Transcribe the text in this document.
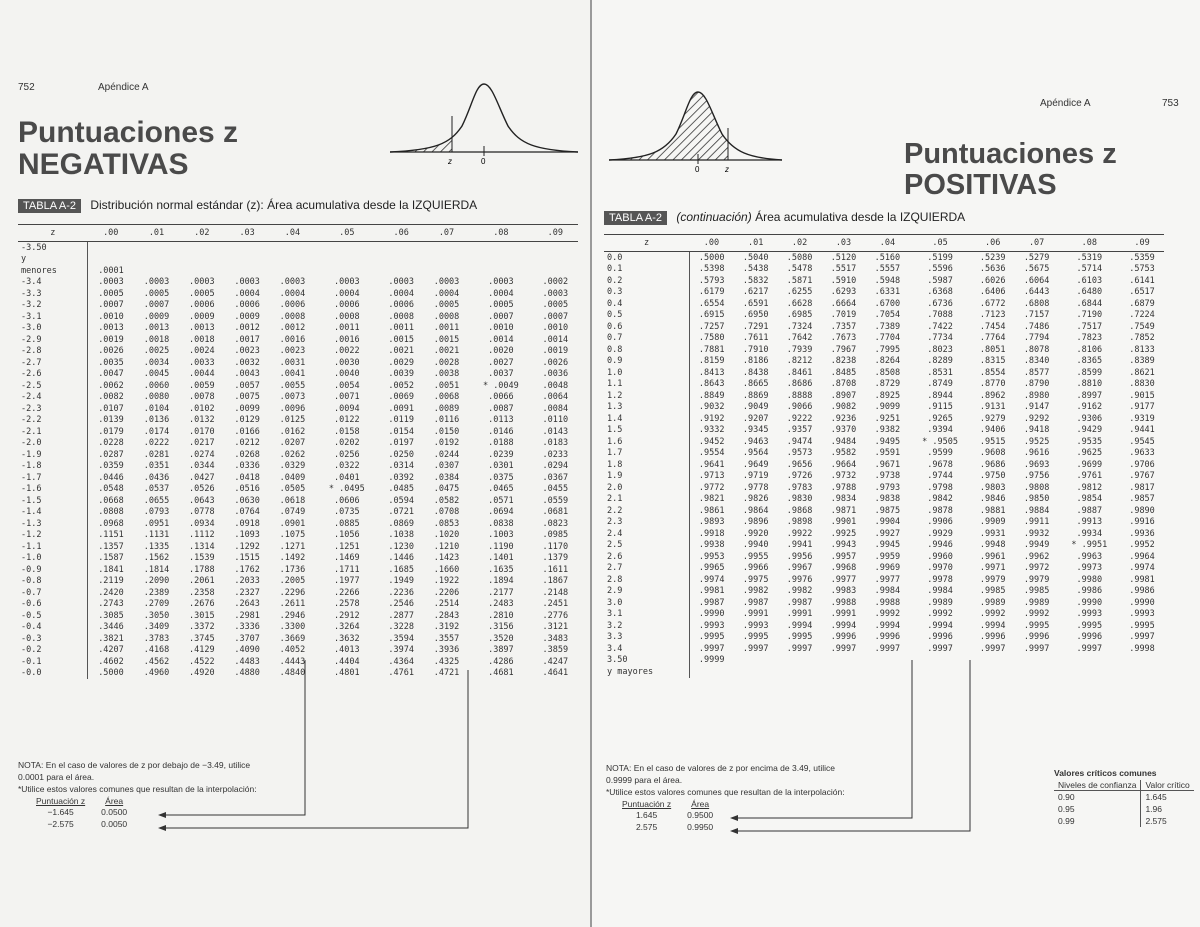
752	Apéndice A
Puntuaciones z
NEGATIVAS	z	0
TABLA A-2 Distribución normal estándar (z): Área acumulativa desde la IZQUIERDA
z	.00	.01	.02	.03	.04	.05	.06	.07	.08	.09
-3.50										
y										
menores	.0001									
-3.4	.0003	.0003	.0003	.0003	.0003	.0003	.0003	.0003	.0003	.0002
-3.3	.0005	.0005	.0005	.0004	.0004	.0004	.0004	.0004	.0004	.0003
-3.2	.0007	.0007	.0006	.0006	.0006	.0006	.0006	.0005	.0005	.0005
-3.1	.0010	.0009	.0009	.0009	.0008	.0008	.0008	.0008	.0007	.0007
-3.0	.0013	.0013	.0013	.0012	.0012	.0011	.0011	.0011	.0010	.0010
-2.9	.0019	.0018	.0018	.0017	.0016	.0016	.0015	.0015	.0014	.0014
-2.8	.0026	.0025	.0024	.0023	.0023	.0022	.0021	.0021	.0020	.0019
-2.7	.0035	.0034	.0033	.0032	.0031	.0030	.0029	.0028	.0027	.0026
-2.6	.0047	.0045	.0044	.0043	.0041	.0040	.0039	.0038	.0037	.0036
-2.5	.0062	.0060	.0059	.0057	.0055	.0054	.0052	.0051	* .0049	.0048
-2.4	.0082	.0080	.0078	.0075	.0073	.0071	.0069	.0068	.0066	.0064
-2.3	.0107	.0104	.0102	.0099	.0096	.0094	.0091	.0089	.0087	.0084
-2.2	.0139	.0136	.0132	.0129	.0125	.0122	.0119	.0116	.0113	.0110
-2.1	.0179	.0174	.0170	.0166	.0162	.0158	.0154	.0150	.0146	.0143
-2.0	.0228	.0222	.0217	.0212	.0207	.0202	.0197	.0192	.0188	.0183
-1.9	.0287	.0281	.0274	.0268	.0262	.0256	.0250	.0244	.0239	.0233
-1.8	.0359	.0351	.0344	.0336	.0329	.0322	.0314	.0307	.0301	.0294
-1.7	.0446	.0436	.0427	.0418	.0409	.0401	.0392	.0384	.0375	.0367
-1.6	.0548	.0537	.0526	.0516	.0505	* .0495	.0485	.0475	.0465	.0455
-1.5	.0668	.0655	.0643	.0630	.0618	.0606	.0594	.0582	.0571	.0559
-1.4	.0808	.0793	.0778	.0764	.0749	.0735	.0721	.0708	.0694	.0681
-1.3	.0968	.0951	.0934	.0918	.0901	.0885	.0869	.0853	.0838	.0823
-1.2	.1151	.1131	.1112	.1093	.1075	.1056	.1038	.1020	.1003	.0985
-1.1	.1357	.1335	.1314	.1292	.1271	.1251	.1230	.1210	.1190	.1170
-1.0	.1587	.1562	.1539	.1515	.1492	.1469	.1446	.1423	.1401	.1379
-0.9	.1841	.1814	.1788	.1762	.1736	.1711	.1685	.1660	.1635	.1611
-0.8	.2119	.2090	.2061	.2033	.2005	.1977	.1949	.1922	.1894	.1867
-0.7	.2420	.2389	.2358	.2327	.2296	.2266	.2236	.2206	.2177	.2148
-0.6	.2743	.2709	.2676	.2643	.2611	.2578	.2546	.2514	.2483	.2451
-0.5	.3085	.3050	.3015	.2981	.2946	.2912	.2877	.2843	.2810	.2776
-0.4	.3446	.3409	.3372	.3336	.3300	.3264	.3228	.3192	.3156	.3121
-0.3	.3821	.3783	.3745	.3707	.3669	.3632	.3594	.3557	.3520	.3483
-0.2	.4207	.4168	.4129	.4090	.4052	.4013	.3974	.3936	.3897	.3859
-0.1	.4602	.4562	.4522	.4483	.4443	.4404	.4364	.4325	.4286	.4247
-0.0	.5000	.4960	.4920	.4880	.4840	.4801	.4761	.4721	.4681	.4641
NOTA: En el caso de valores de z por debajo de −3.49, utilice
0.0001 para el área.
*Utilice estos valores comunes que resultan de la interpolación:
Puntuación z	Área
−1.645	0.0500
−2.575	0.0050
Apéndice A	753
0	z	Puntuaciones z
POSITIVAS
TABLA A-2 (continuación) Área acumulativa desde la IZQUIERDA
z	.00	.01	.02	.03	.04	.05	.06	.07	.08	.09
0.0	.5000	.5040	.5080	.5120	.5160	.5199	.5239	.5279	.5319	.5359
0.1	.5398	.5438	.5478	.5517	.5557	.5596	.5636	.5675	.5714	.5753
0.2	.5793	.5832	.5871	.5910	.5948	.5987	.6026	.6064	.6103	.6141
0.3	.6179	.6217	.6255	.6293	.6331	.6368	.6406	.6443	.6480	.6517
0.4	.6554	.6591	.6628	.6664	.6700	.6736	.6772	.6808	.6844	.6879
0.5	.6915	.6950	.6985	.7019	.7054	.7088	.7123	.7157	.7190	.7224
0.6	.7257	.7291	.7324	.7357	.7389	.7422	.7454	.7486	.7517	.7549
0.7	.7580	.7611	.7642	.7673	.7704	.7734	.7764	.7794	.7823	.7852
0.8	.7881	.7910	.7939	.7967	.7995	.8023	.8051	.8078	.8106	.8133
0.9	.8159	.8186	.8212	.8238	.8264	.8289	.8315	.8340	.8365	.8389
1.0	.8413	.8438	.8461	.8485	.8508	.8531	.8554	.8577	.8599	.8621
1.1	.8643	.8665	.8686	.8708	.8729	.8749	.8770	.8790	.8810	.8830
1.2	.8849	.8869	.8888	.8907	.8925	.8944	.8962	.8980	.8997	.9015
1.3	.9032	.9049	.9066	.9082	.9099	.9115	.9131	.9147	.9162	.9177
1.4	.9192	.9207	.9222	.9236	.9251	.9265	.9279	.9292	.9306	.9319
1.5	.9332	.9345	.9357	.9370	.9382	.9394	.9406	.9418	.9429	.9441
1.6	.9452	.9463	.9474	.9484	.9495	* .9505	.9515	.9525	.9535	.9545
1.7	.9554	.9564	.9573	.9582	.9591	.9599	.9608	.9616	.9625	.9633
1.8	.9641	.9649	.9656	.9664	.9671	.9678	.9686	.9693	.9699	.9706
1.9	.9713	.9719	.9726	.9732	.9738	.9744	.9750	.9756	.9761	.9767
2.0	.9772	.9778	.9783	.9788	.9793	.9798	.9803	.9808	.9812	.9817
2.1	.9821	.9826	.9830	.9834	.9838	.9842	.9846	.9850	.9854	.9857
2.2	.9861	.9864	.9868	.9871	.9875	.9878	.9881	.9884	.9887	.9890
2.3	.9893	.9896	.9898	.9901	.9904	.9906	.9909	.9911	.9913	.9916
2.4	.9918	.9920	.9922	.9925	.9927	.9929	.9931	.9932	.9934	.9936
2.5	.9938	.9940	.9941	.9943	.9945	.9946	.9948	.9949	* .9951	.9952
2.6	.9953	.9955	.9956	.9957	.9959	.9960	.9961	.9962	.9963	.9964
2.7	.9965	.9966	.9967	.9968	.9969	.9970	.9971	.9972	.9973	.9974
2.8	.9974	.9975	.9976	.9977	.9977	.9978	.9979	.9979	.9980	.9981
2.9	.9981	.9982	.9982	.9983	.9984	.9984	.9985	.9985	.9986	.9986
3.0	.9987	.9987	.9987	.9988	.9988	.9989	.9989	.9989	.9990	.9990
3.1	.9990	.9991	.9991	.9991	.9992	.9992	.9992	.9992	.9993	.9993
3.2	.9993	.9993	.9994	.9994	.9994	.9994	.9994	.9995	.9995	.9995
3.3	.9995	.9995	.9995	.9996	.9996	.9996	.9996	.9996	.9996	.9997
3.4	.9997	.9997	.9997	.9997	.9997	.9997	.9997	.9997	.9997	.9998
3.50	.9999									
y mayores										
NOTA: En el caso de valores de z por encima de 3.49, utilice
0.9999 para el área.
*Utilice estos valores comunes que resultan de la interpolación:
Puntuación z	Área
1.645	0.9500
2.575	0.9950
Valores críticos comunes
Niveles de confianza	Valor crítico
0.90	1.645
0.95	1.96
0.99	2.575
